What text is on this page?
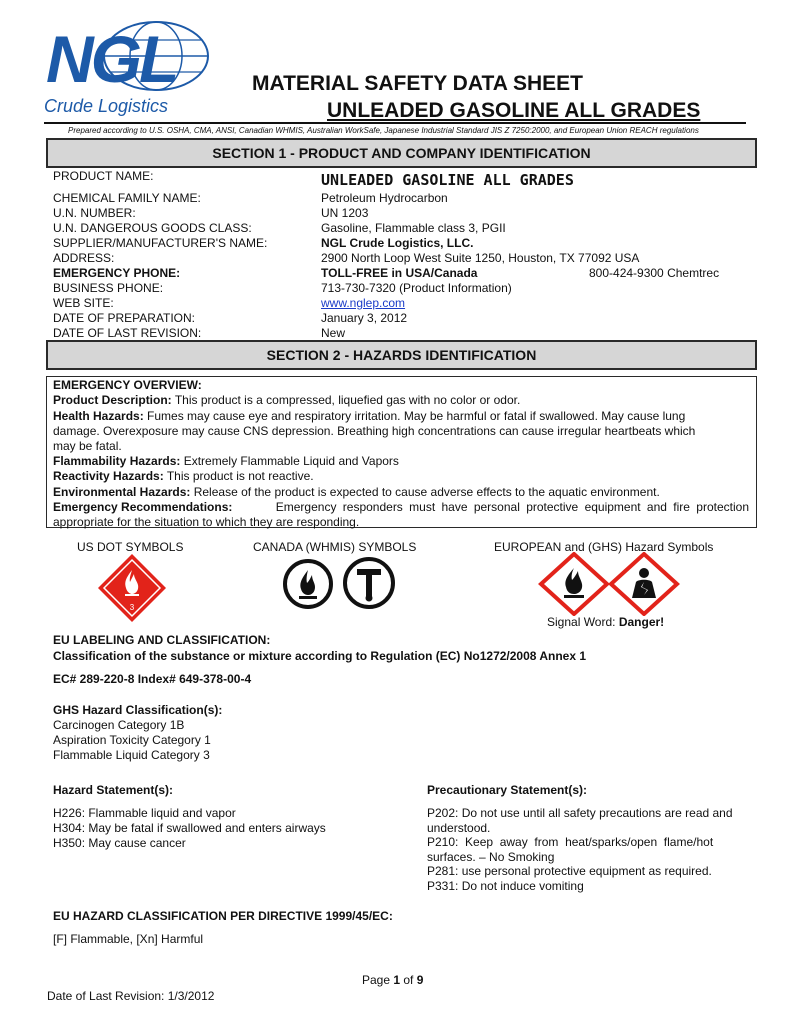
NGL
Crude Logistics
MATERIAL SAFETY DATA SHEET
UNLEADED GASOLINE ALL GRADES
Prepared according to U.S. OSHA, CMA, ANSI, Canadian WHMIS, Australian WorkSafe, Japanese Industrial Standard JIS Z 7250:2000, and European Union REACH regulations
SECTION 1 - PRODUCT AND COMPANY IDENTIFICATION
PRODUCT NAME:	UNLEADED GASOLINE ALL GRADES
CHEMICAL FAMILY NAME:	Petroleum Hydrocarbon
U.N. NUMBER:	UN 1203
U.N. DANGEROUS GOODS CLASS:	Gasoline, Flammable class 3, PGII
SUPPLIER/MANUFACTURER'S NAME:	NGL Crude Logistics, LLC.
ADDRESS:	2900 North Loop West Suite 1250, Houston, TX 77092 USA
EMERGENCY PHONE:	TOLL-FREE in USA/Canada	800-424-9300 Chemtrec
BUSINESS PHONE:	713-730-7320 (Product Information)
WEB SITE:	www.nglep.com
DATE OF PREPARATION:	January 3, 2012
DATE OF LAST REVISION:	New
SECTION 2 - HAZARDS IDENTIFICATION
EMERGENCY OVERVIEW:
Product Description: This product is a compressed, liquefied gas with no color or odor.
Health Hazards: Fumes may cause eye and respiratory irritation. May be harmful or fatal if swallowed. May cause lung
damage. Overexposure may cause CNS depression. Breathing high concentrations can cause irregular heartbeats which
may be fatal.
Flammability Hazards: Extremely Flammable Liquid and Vapors
Reactivity Hazards: This product is not reactive.
Environmental Hazards: Release of the product is expected to cause adverse effects to the aquatic environment.
Emergency Recommendations:	Emergency responders must have personal protective equipment and fire protection
appropriate for the situation to which they are responding.
US DOT SYMBOLS	CANADA (WHMIS) SYMBOLS	EUROPEAN and (GHS) Hazard Symbols
3
Signal Word: Danger!
EU LABELING AND CLASSIFICATION:
Classification of the substance or mixture according to Regulation (EC) No1272/2008 Annex 1
EC# 289-220-8 Index# 649-378-00-4
GHS Hazard Classification(s):
Carcinogen Category 1B
Aspiration Toxicity Category 1
Flammable Liquid Category 3
Hazard Statement(s):
H226: Flammable liquid and vapor
H304: May be fatal if swallowed and enters airways
H350: May cause cancer
Precautionary Statement(s):
P202: Do not use until all safety precautions are read and
understood.
P210:  Keep  away  from  heat/sparks/open  flame/hot
surfaces. – No Smoking
P281: use personal protective equipment as required.
P331: Do not induce vomiting
EU HAZARD CLASSIFICATION PER DIRECTIVE 1999/45/EC:
[F] Flammable, [Xn] Harmful
Page 1 of 9
Date of Last Revision: 1/3/2012
